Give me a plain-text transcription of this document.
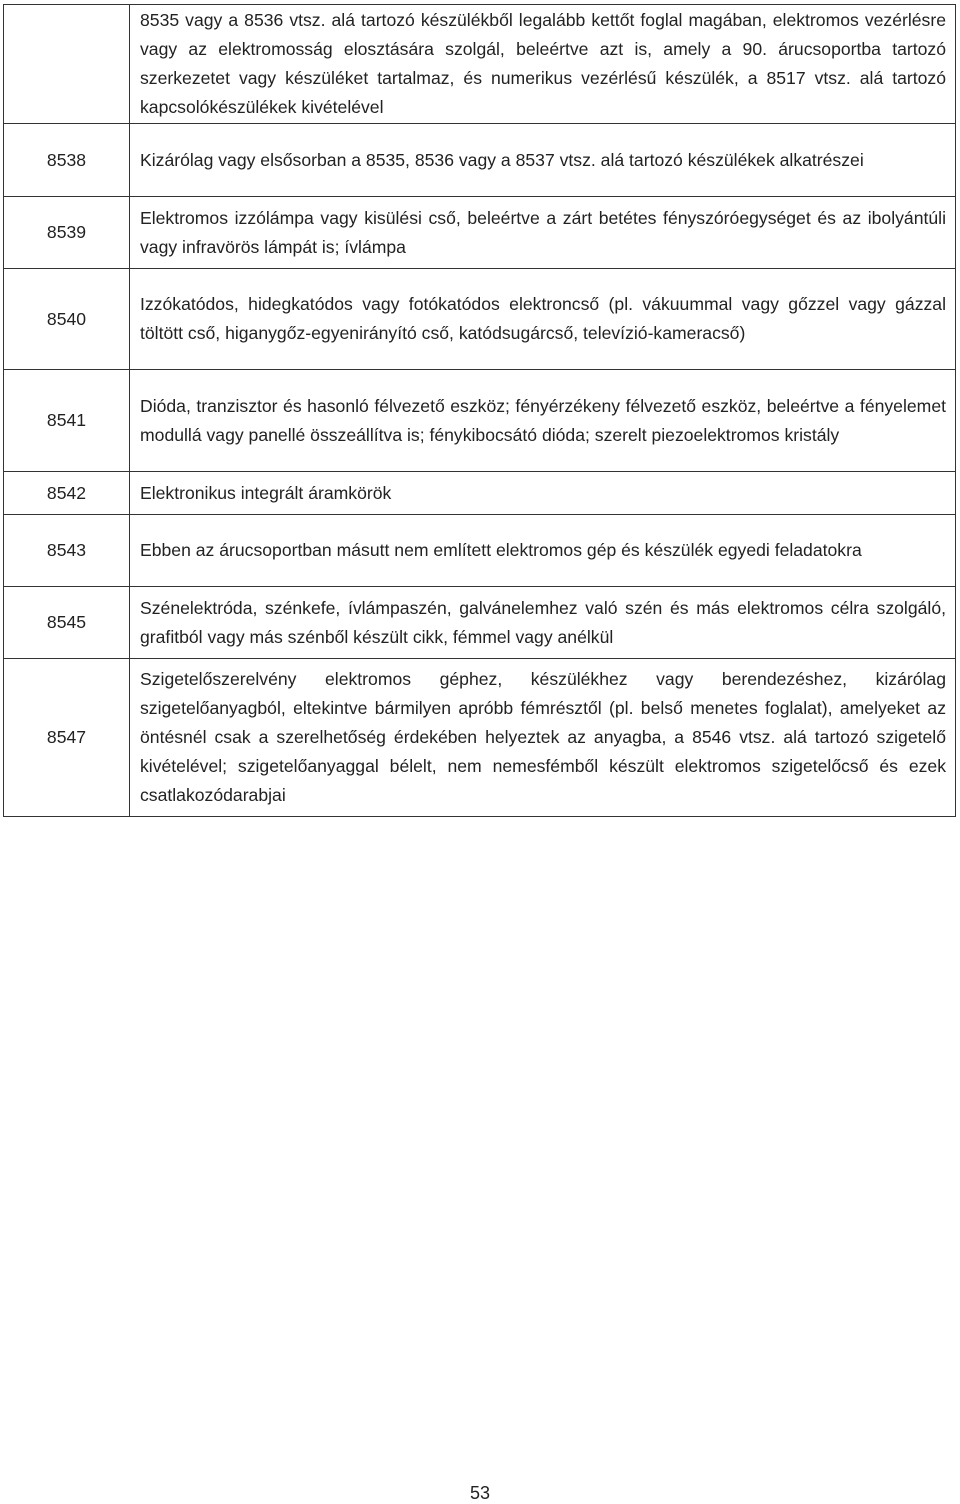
	8535 vagy a 8536 vtsz. alá tartozó készülékből legalább kettőt foglal magában, elektromos vezérlésre vagy az elektromosság elosztására szolgál, beleértve azt is, amely a 90. árucsoportba tartozó szerkezetet vagy készüléket tartalmaz, és numerikus vezérlésű készülék, a 8517 vtsz. alá tartozó kapcsolókészülékek kivételével

8538	Kizárólag vagy elsősorban a 8535, 8536 vagy a 8537 vtsz. alá tartozó készülékek alkatrészei

8539	Elektromos izzólámpa vagy kisülési cső, beleértve a zárt betétes fényszóróegységet és az ibolyántúli vagy infravörös lámpát is; ívlámpa

8540	Izzókatódos, hidegkatódos vagy fotókatódos elektroncső (pl. vákuummal vagy gőzzel vagy gázzal töltött cső, higanygőz-egyenirányító cső, katódsugárcső, televízió-kameracső)

8541	Dióda, tranzisztor és hasonló félvezető eszköz; fényérzékeny félvezető eszköz, beleértve a fényelemet modullá vagy panellé összeállítva is; fénykibocsátó dióda; szerelt piezoelektromos kristály

8542	Elektronikus integrált áramkörök

8543	Ebben az árucsoportban másutt nem említett elektromos gép és készülék egyedi feladatokra

8545	Szénelektróda, szénkefe, ívlámpaszén, galvánelemhez való szén és más elektromos célra szolgáló, grafitból vagy más szénből készült cikk, fémmel vagy anélkül

8547	Szigetelőszerelvény elektromos géphez, készülékhez vagy berendezéshez, kizárólag szigetelőanyagból, eltekintve bármilyen apróbb fémrésztől (pl. belső menetes foglalat), amelyeket az öntésnél csak a szerelhetőség érdekében helyeztek az anyagba, a 8546 vtsz. alá tartozó szigetelő kivételével; szigetelőanyaggal bélelt, nem nemesfémből készült elektromos szigetelőcső és ezek csatlakozódarabjai
53
